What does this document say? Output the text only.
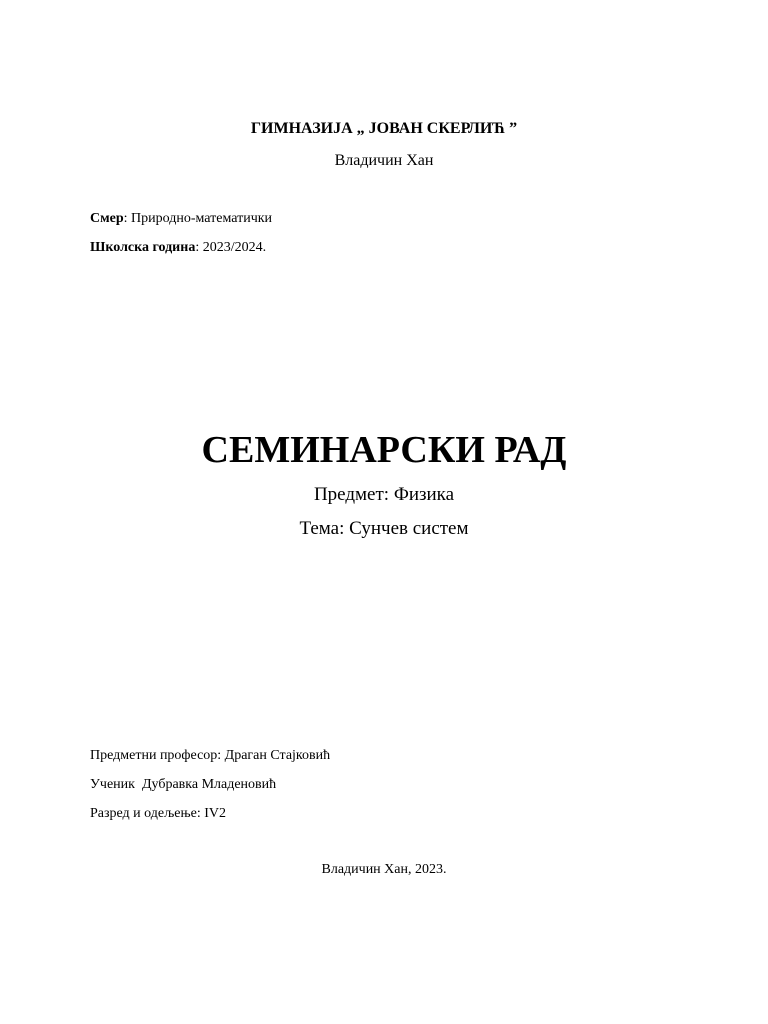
ГИМНАЗИЈА „ ЈОВАН СКЕРЛИЋ ”
Владичин Хан
Смер: Природно-математички
Школска година: 2023/2024.
СЕМИНАРСКИ РАД
Предмет: Физика
Тема: Сунчев систем
Предметни професор: Драган Стајковић
Ученик  Дубравка Младеновић
Разред и одељење: IV2
Владичин Хан, 2023.
